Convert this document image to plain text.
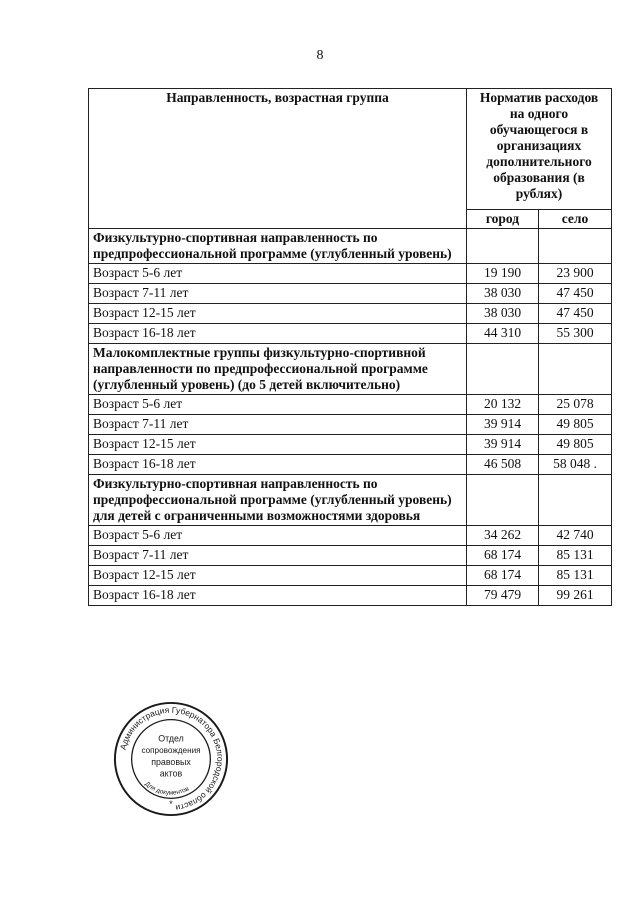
8
Направленность, возрастная группа	Норматив расходов на одного обучающегося в организациях дополнительного образования (в рублях)	
	город	село
Физкультурно-спортивная направленность по предпрофессиональной программе (углубленный уровень)		
Возраст 5-6 лет	19 190	23 900
Возраст 7-11 лет	38 030	47 450
Возраст 12-15 лет	38 030	47 450
Возраст 16-18 лет	44 310	55 300
Малокомплектные группы физкультурно-спортивной направленности по предпрофессиональной программе (углубленный уровень) (до 5 детей включительно)		
Возраст 5-6 лет	20 132	25 078
Возраст 7-11 лет	39 914	49 805
Возраст 12-15 лет	39 914	49 805
Возраст 16-18 лет	46 508	58 048 .
Физкультурно-спортивная направленность по предпрофессиональной программе (углубленный уровень) для детей с ограниченными возможностями здоровья		
Возраст 5-6 лет	34 262	42 740
Возраст 7-11 лет	68 174	85 131
Возраст 12-15 лет	68 174	85 131
Возраст 16-18 лет	79 479	99 261
Администрация Губернатора Белгородской области
Отдел
сопровождения
правовых
актов
Для документов
*
